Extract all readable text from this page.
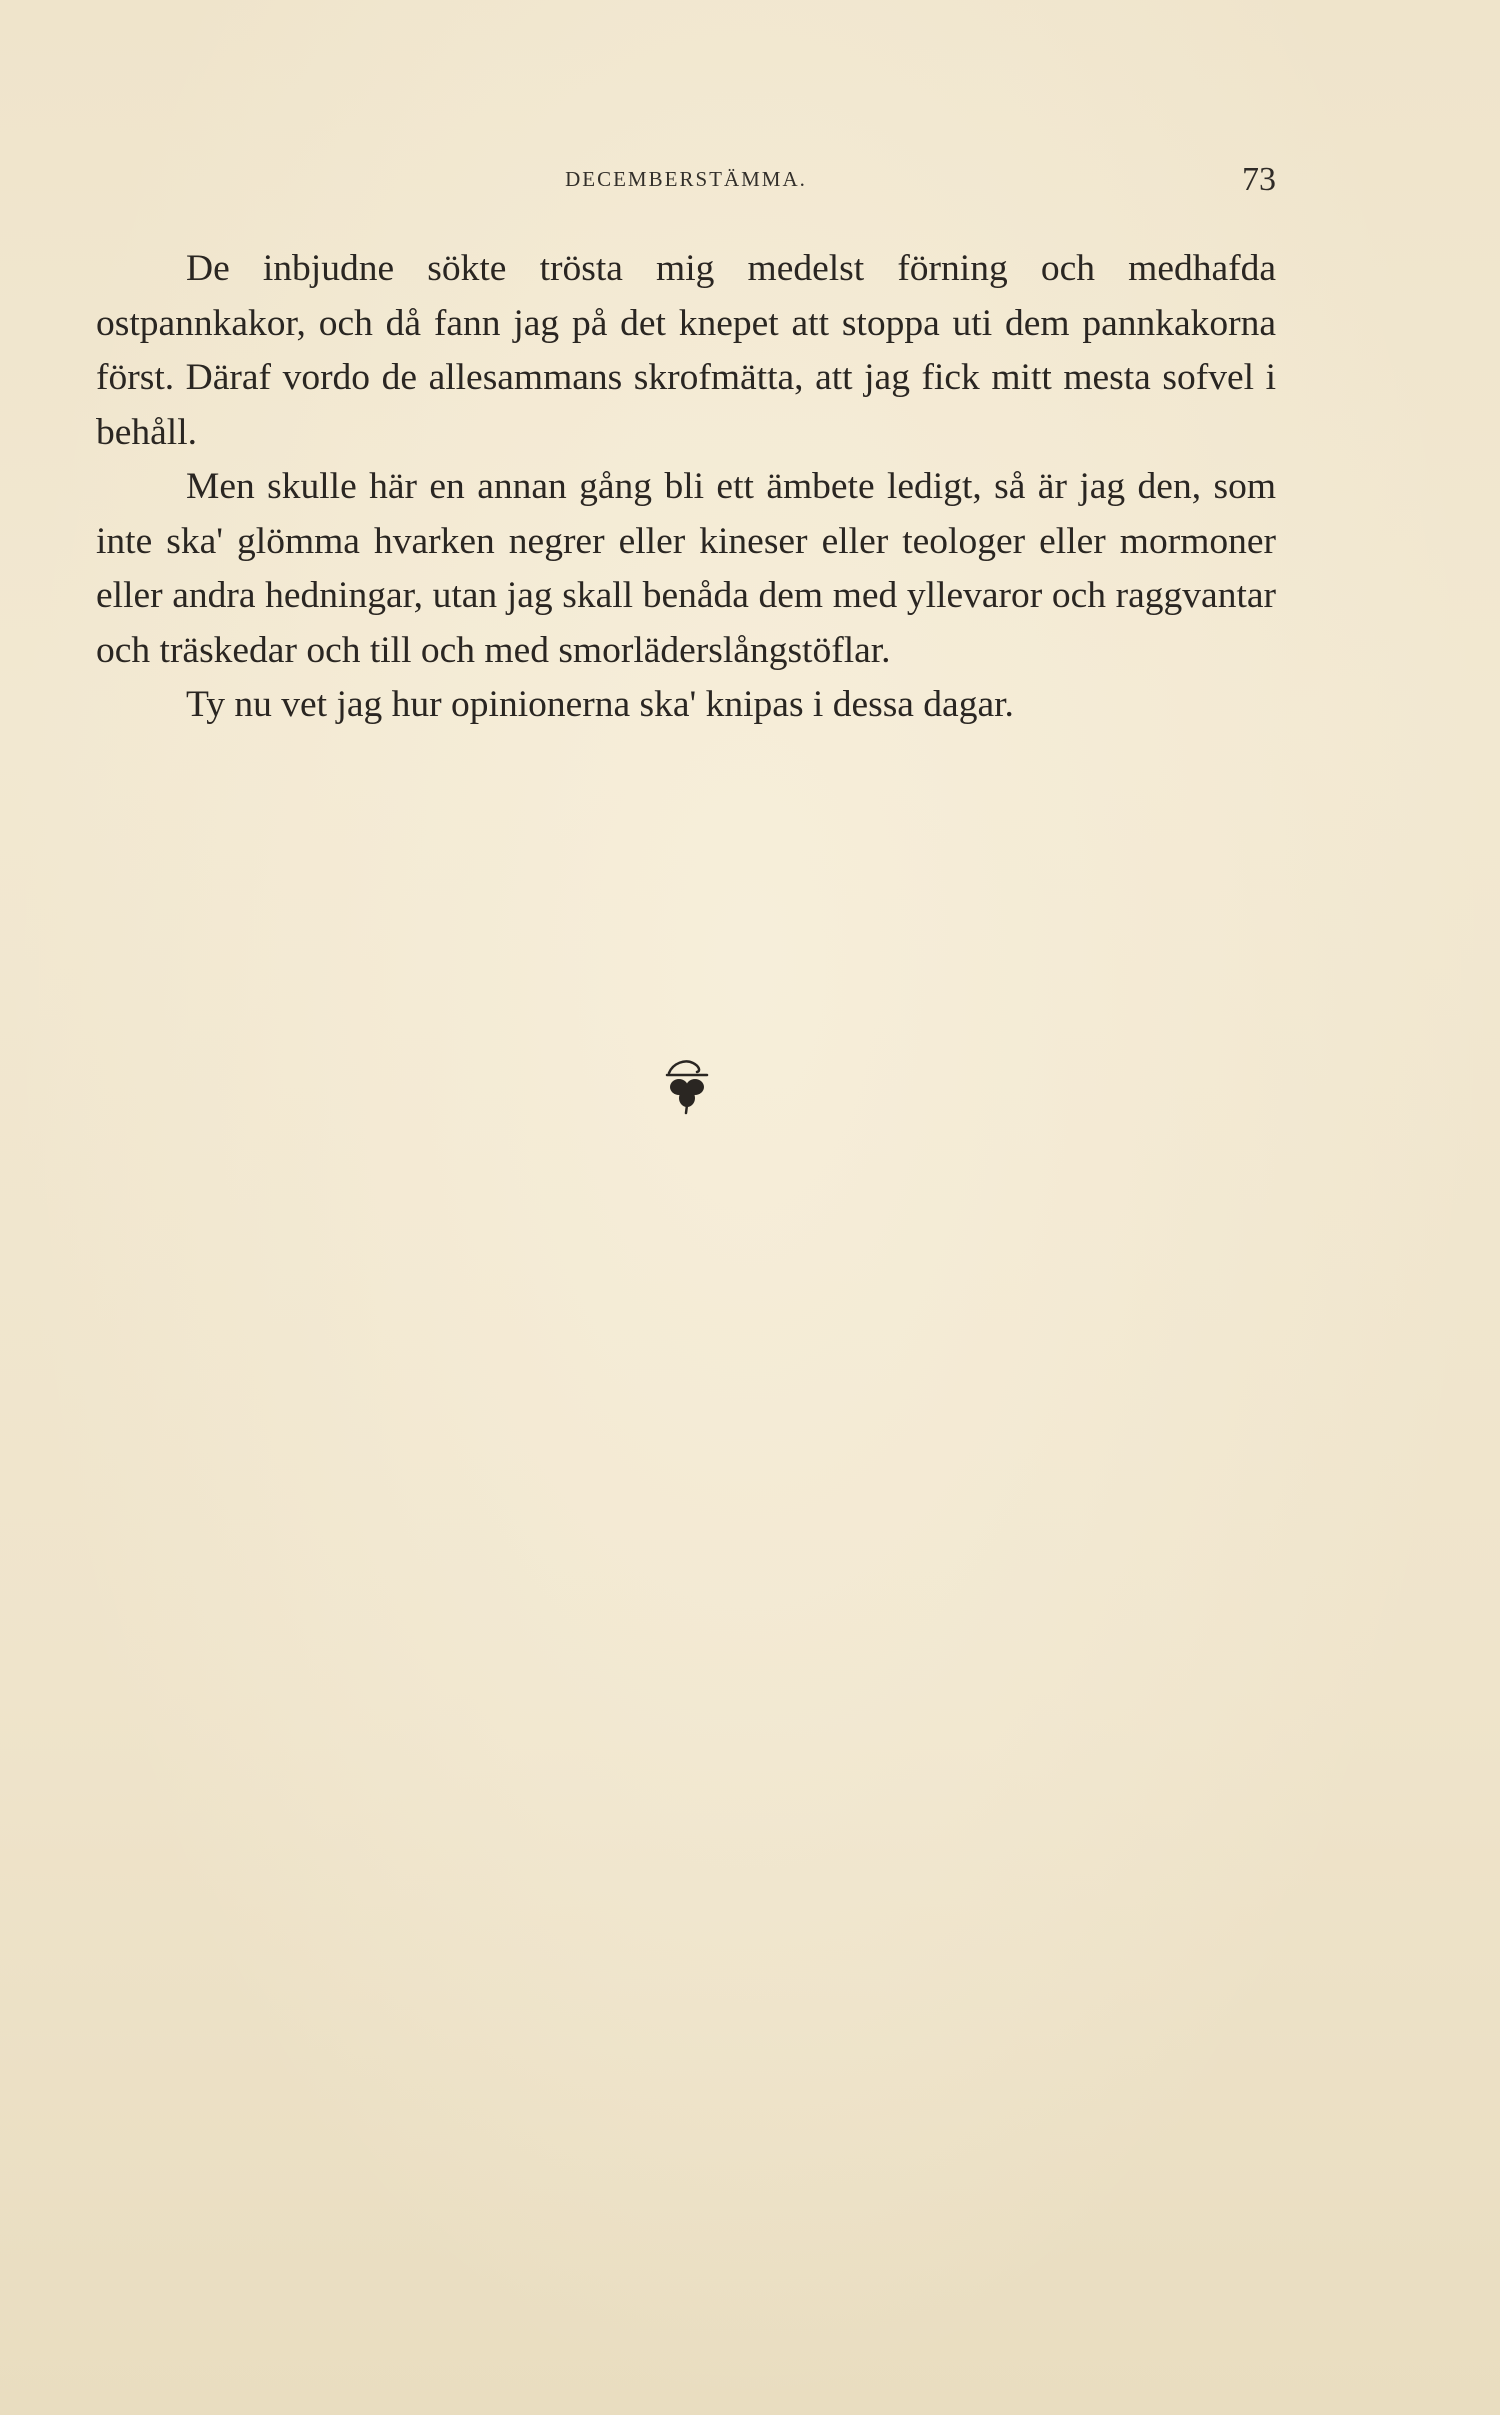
DECEMBERSTÄMMA.	73

De inbjudne sökte trösta mig medelst förning och medhafda ostpannkakor, och då fann jag på det knepet att stoppa uti dem pannkakorna först. Däraf vordo de allesammans skrofmätta, att jag fick mitt mesta sofvel i behåll.

Men skulle här en annan gång bli ett ämbete ledigt, så är jag den, som inte ska' glömma hvarken negrer eller kineser eller teologer eller mormoner eller andra hedningar, utan jag skall benåda dem med yllevaror och raggvantar och träskedar och till och med smorläderslångstöflar.

Ty nu vet jag hur opinionerna ska' knipas i dessa dagar.
